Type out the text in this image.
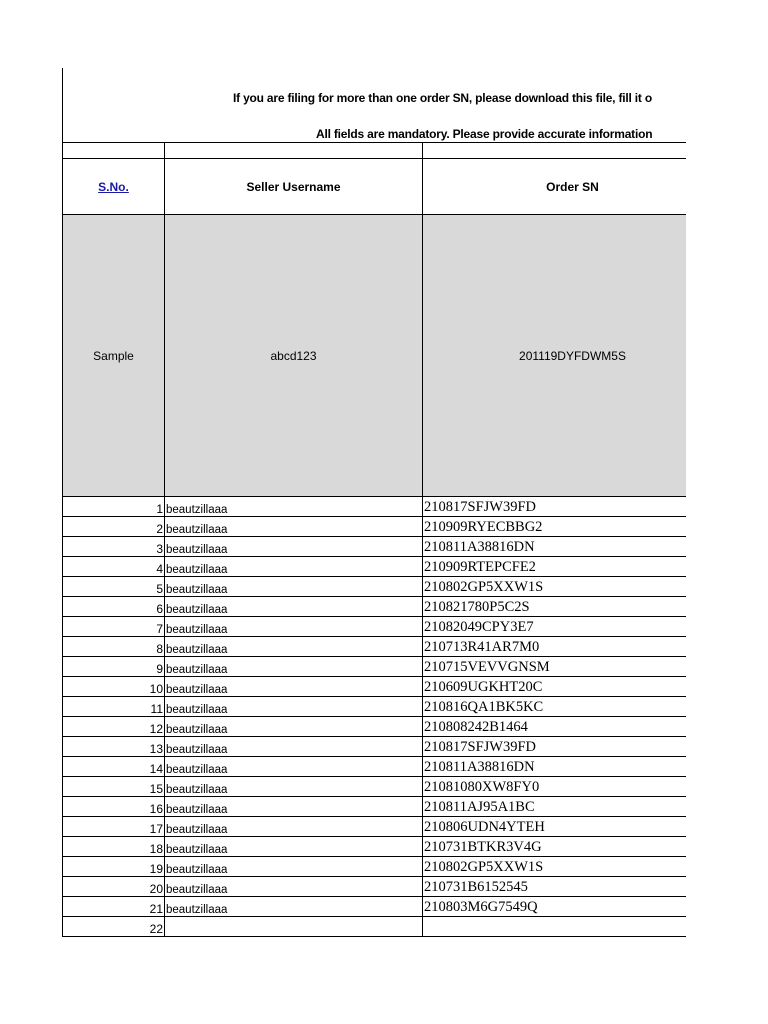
If you are filing for more than one order SN, please download this file, fill it o
All fields are mandatory. Please provide accurate information

S.No.	Seller Username	Order SN
Sample	abcd123	201119DYFDWM5S
1	beautzillaaa	210817SFJW39FD
2	beautzillaaa	210909RYECBBG2
3	beautzillaaa	210811A38816DN
4	beautzillaaa	210909RTEPCFE2
5	beautzillaaa	210802GP5XXW1S
6	beautzillaaa	210821780P5C2S
7	beautzillaaa	21082049CPY3E7
8	beautzillaaa	210713R41AR7M0
9	beautzillaaa	210715VEVVGNSM
10	beautzillaaa	210609UGKHT20C
11	beautzillaaa	210816QA1BK5KC
12	beautzillaaa	210808242B1464
13	beautzillaaa	210817SFJW39FD
14	beautzillaaa	210811A38816DN
15	beautzillaaa	21081080XW8FY0
16	beautzillaaa	210811AJ95A1BC
17	beautzillaaa	210806UDN4YTEH
18	beautzillaaa	210731BTKR3V4G
19	beautzillaaa	210802GP5XXW1S
20	beautzillaaa	210731B6152545
21	beautzillaaa	210803M6G7549Q
22		
